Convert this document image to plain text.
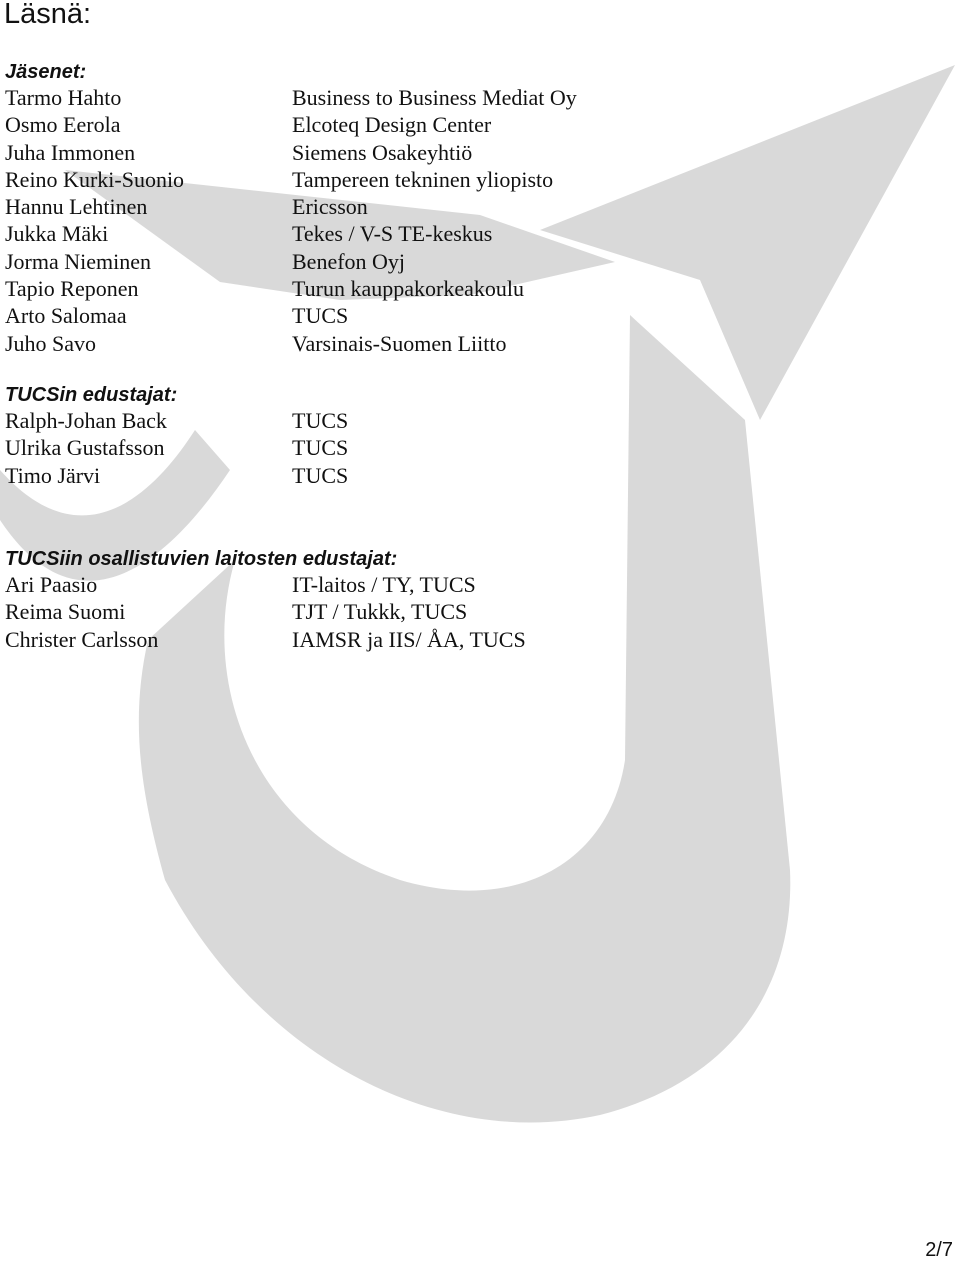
Läsnä:
Jäsenet:
Tarmo Hahto	Business to Business Mediat Oy
Osmo Eerola	Elcoteq Design Center
Juha Immonen	Siemens Osakeyhtiö
Reino Kurki-Suonio	Tampereen tekninen yliopisto
Hannu Lehtinen	Ericsson
Jukka Mäki	Tekes / V-S TE-keskus
Jorma Nieminen	Benefon Oyj
Tapio Reponen	Turun kauppakorkeakoulu
Arto Salomaa	TUCS
Juho Savo	Varsinais-Suomen Liitto
TUCSin edustajat:
Ralph-Johan Back	TUCS
Ulrika Gustafsson	TUCS
Timo Järvi	TUCS
TUCSiin osallistuvien laitosten edustajat:
Ari Paasio	IT-laitos / TY, TUCS
Reima Suomi	TJT / Tukkk, TUCS
Christer Carlsson	IAMSR ja IIS/ ÅA, TUCS
2/7
